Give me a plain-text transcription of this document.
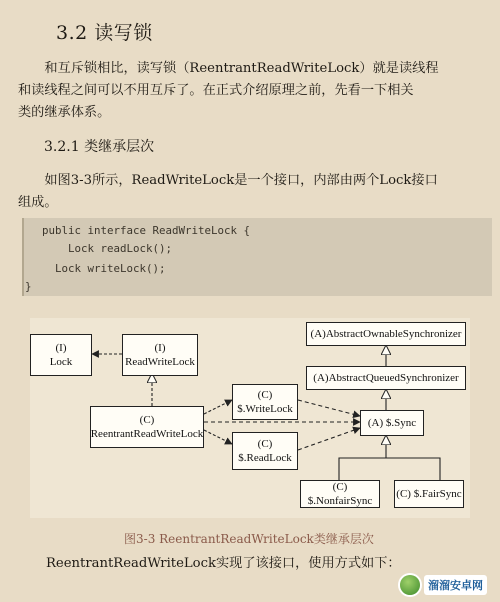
3.2 读写锁
　　和互斥锁相比，读写锁（ReentrantReadWriteLock）就是读线程
和读线程之间可以不用互斥了。在正式介绍原理之前，先看一下相关
类的继承体系。
3.2.1 类继承层次
　　如图3-3所示，ReadWriteLock是一个接口，内部由两个Lock接口
组成。
public interface ReadWriteLock {
Lock readLock();
Lock writeLock();
}
(I)
Lock
(I)
ReadWriteLock
(C)
ReentrantReadWriteLock
(C)
$.WriteLock
(C)
$.ReadLock
(A)AbstractOwnableSynchronizer
(A)AbstractQueuedSynchronizer
(A) $.Sync
(C) $.NonfairSync
(C) $.FairSync
图3-3 ReentrantReadWriteLock类继承层次
ReentrantReadWriteLock实现了该接口，使用方式如下：
溜溜安卓网
